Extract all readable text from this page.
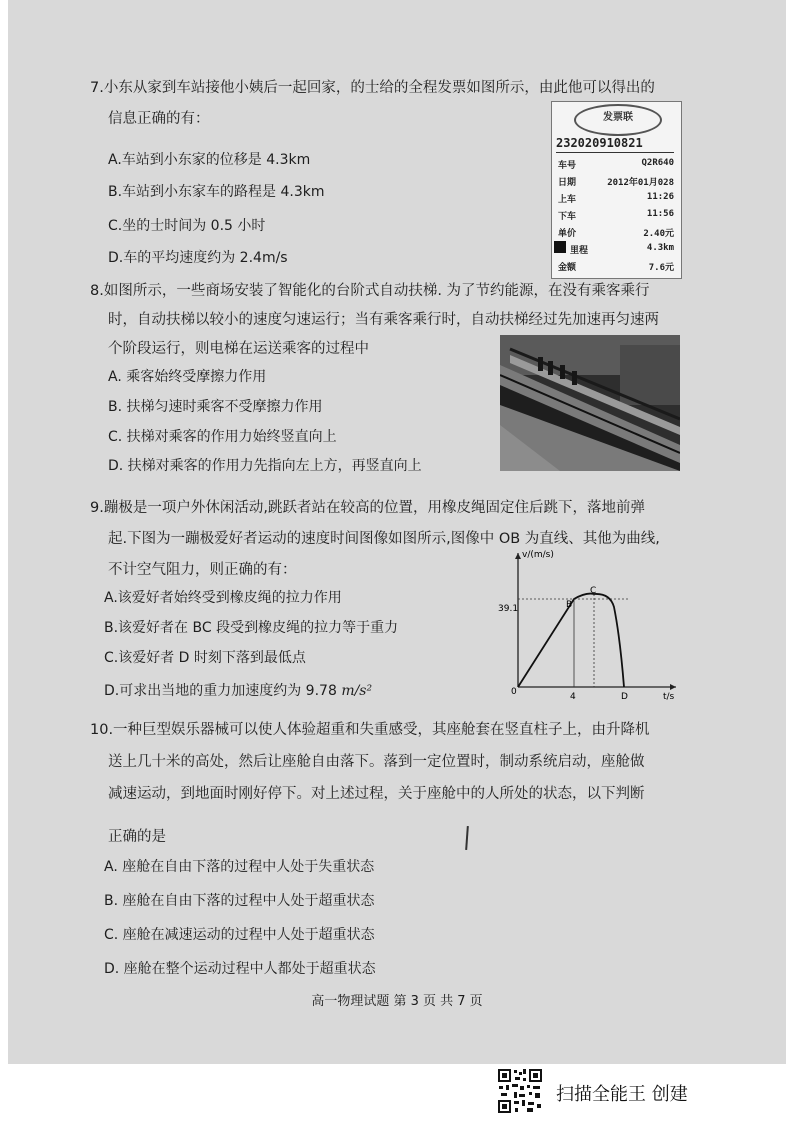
7.小东从家到车站接他小姨后一起回家，的士给的全程发票如图所示，由此他可以得出的
信息正确的有：
A.车站到小东家的位移是 4.3km
B.车站到小东家车的路程是 4.3km
C.坐的士时间为 0.5 小时
D.车的平均速度约为 2.4m/s
发票联
232020910821
车号	Q2R640
日期	2012年01月028
上车	11:26
下车	11:56
单价	2.40元
里程	4.3km
金额	7.6元
8.如图所示，一些商场安装了智能化的台阶式自动扶梯. 为了节约能源，在没有乘客乘行
时，自动扶梯以较小的速度匀速运行；当有乘客乘行时，自动扶梯经过先加速再匀速两
个阶段运行，则电梯在运送乘客的过程中
A. 乘客始终受摩擦力作用
B. 扶梯匀速时乘客不受摩擦力作用
C. 扶梯对乘客的作用力始终竖直向上
D. 扶梯对乘客的作用力先指向左上方，再竖直向上
9.蹦极是一项户外休闲活动,跳跃者站在较高的位置，用橡皮绳固定住后跳下，落地前弹
起.下图为一蹦极爱好者运动的速度时间图像如图所示,图像中 OB 为直线、其他为曲线,
不计空气阻力，则正确的有：
A.该爱好者始终受到橡皮绳的拉力作用
B.该爱好者在 BC 段受到橡皮绳的拉力等于重力
C.该爱好者 D 时刻下落到最低点
D.可求出当地的重力加速度约为 9.78 m/s²
v/(m/s)
t/s
0
39.1
4
B
C
D
10.一种巨型娱乐器械可以使人体验超重和失重感受，其座舱套在竖直柱子上，由升降机
送上几十米的高处，然后让座舱自由落下。落到一定位置时，制动系统启动，座舱做
减速运动，到地面时刚好停下。对上述过程，关于座舱中的人所处的状态，以下判断
正确的是
A. 座舱在自由下落的过程中人处于失重状态
B. 座舱在自由下落的过程中人处于超重状态
C. 座舱在减速运动的过程中人处于超重状态
D. 座舱在整个运动过程中人都处于超重状态
高一物理试题 第 3 页 共 7 页
扫描全能王 创建
